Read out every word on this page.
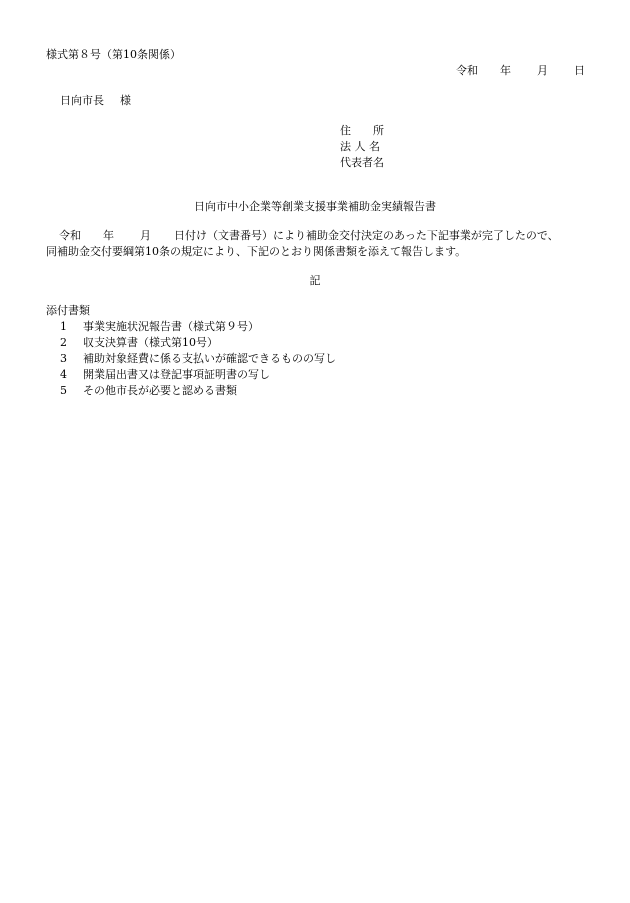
様式第８号（第10条関係）
令和 年 月 日
日向市長 様
住　　所
法 人 名
代表者名
日向市中小企業等創業支援事業補助金実績報告書
令和 年 月 日付け（文書番号）により補助金交付決定のあった下記事業が完了したので、
同補助金交付要綱第10条の規定により、下記のとおり関係書類を添えて報告します。
記
添付書類
1 事業実施状況報告書（様式第９号）
2 収支決算書（様式第10号）
3 補助対象経費に係る支払いが確認できるものの写し
4 開業届出書又は登記事項証明書の写し
5 その他市長が必要と認める書類
